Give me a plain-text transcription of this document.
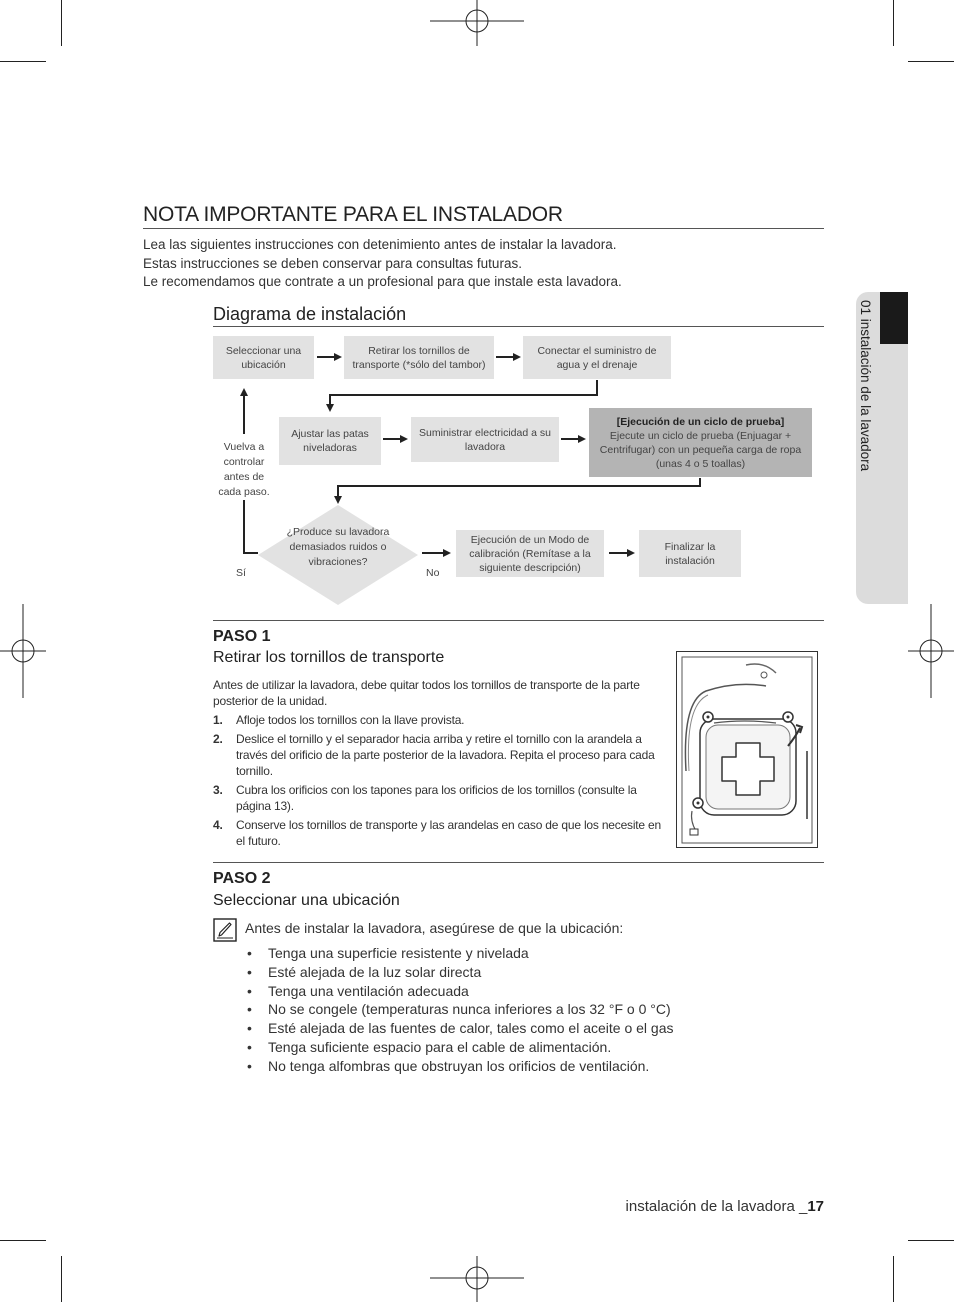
01 instalación de la lavadora
NOTA IMPORTANTE PARA EL INSTALADOR
Lea las siguientes instrucciones con detenimiento antes de instalar la lavadora.
Estas instrucciones se deben conservar para consultas futuras.
Le recomendamos que contrate a un profesional para que instale esta lavadora.
Diagrama de instalación
Seleccionar una ubicación
Retirar los tornillos de transporte (*sólo del tambor)
Conectar el suministro de agua y el drenaje
Ajustar las patas niveladoras
Suministrar electricidad a su lavadora
[Ejecución de un ciclo de prueba]
Ejecute un ciclo de prueba (Enjuagar + Centrifugar) con un pequeña carga de ropa (unas 4 o 5 toallas)
¿Produce su lavadora demasiados ruidos o vibraciones?
Ejecución de un Modo de calibración (Remítase a la siguiente descripción)
Finalizar la instalación
Vuelva a controlar antes de cada paso.
Sí	No
PASO 1
Retirar los tornillos de transporte
Antes de utilizar la lavadora, debe quitar todos los tornillos de transporte de la parte posterior de la unidad.
1. Afloje todos los tornillos con la llave provista.
2. Deslice el tornillo y el separador hacia arriba y retire el tornillo con la arandela a través del orificio de la parte posterior de la lavadora. Repita el proceso para cada tornillo.
3. Cubra los orificios con los tapones para los orificios de los tornillos (consulte la página 13).
4. Conserve los tornillos de transporte y las arandelas en caso de que los necesite en el futuro.
PASO 2
Seleccionar una ubicación
Antes de instalar la lavadora, asegúrese de que la ubicación:
• Tenga una superficie resistente y nivelada
• Esté alejada de la luz solar directa
• Tenga una ventilación adecuada
• No se congele (temperaturas nunca inferiores a los 32 °F o 0 °C)
• Esté alejada de las fuentes de calor, tales como el aceite o el gas
• Tenga suficiente espacio para el cable de alimentación.
• No tenga alfombras que obstruyan los orificios de ventilación.
instalación de la lavadora _17
